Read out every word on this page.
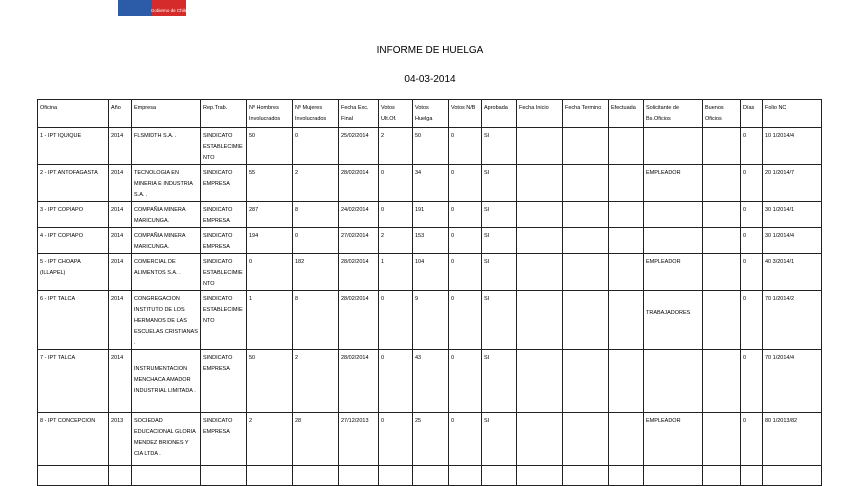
Gobierno de Chile
INFORME DE HUELGA
04-03-2014
Oficina	Año	Empresa	Rep.Trab.	Nº Hombres Involucrados	Nº Mujeres Involucrados	Fecha Exc. Final	Votos Ult.Of.	Votos Huelga	Votos N/B	Aprobada	Fecha Inicio	Fecha Termino	Efectuada	Solicitante de Bs.Oficios	Buenos Oficios	Días	Folio NC
1 - IPT IQUIQUE	2014	FLSMIDTH S.A. .	SINDICATO ESTABLECIMIENTO	50	0	25/02/2014	2	50	0	SI						0	10 1/2014/4
2 - IPT ANTOFAGASTA	2014	TECNOLOGIA EN MINERIA E INDUSTRIA S.A. .	SINDICATO EMPRESA	55	2	28/02/2014	0	34	0	SI				EMPLEADOR		0	20 1/2014/7
3 - IPT COPIAPO	2014	COMPAÑIA MINERA MARICUNGA.	SINDICATO EMPRESA	287	8	24/02/2014	0	191	0	SI						0	30 1/2014/1
4 - IPT COPIAPO	2014	COMPAÑIA MINERA MARICUNGA.	SINDICATO EMPRESA	194	0	27/02/2014	2	153	0	SI						0	30 1/2014/4
5 - IPT CHOAPA (ILLAPEL)	2014	COMERCIAL DE ALIMENTOS S.A. .	SINDICATO ESTABLECIMIENTO	0	182	28/02/2014	1	104	0	SI				EMPLEADOR		0	40 3/2014/1
6 - IPT TALCA	2014	CONGREGACION INSTITUTO DE LOS HERMANOS DE LAS ESCUELAS CRISTIANAS .	SINDICATO ESTABLECIMIENTO	1	8	28/02/2014	0	9	0	SI				TRABAJADORES		0	70 1/2014/2
7 - IPT TALCA	2014	INSTRUMENTACION MENCHACA AMADOR INDUSTRIAL LIMITADA .	SINDICATO EMPRESA	50	2	28/02/2014	0	43	0	SI						0	70 1/2014/4
8 - IPT CONCEPCION	2013	SOCIEDAD EDUCACIONAL GLORIA MENDEZ BRIONES Y CIA LTDA .	SINDICATO EMPRESA	2	28	27/12/2013	0	25	0	SI				EMPLEADOR		0	80 1/2013/82
